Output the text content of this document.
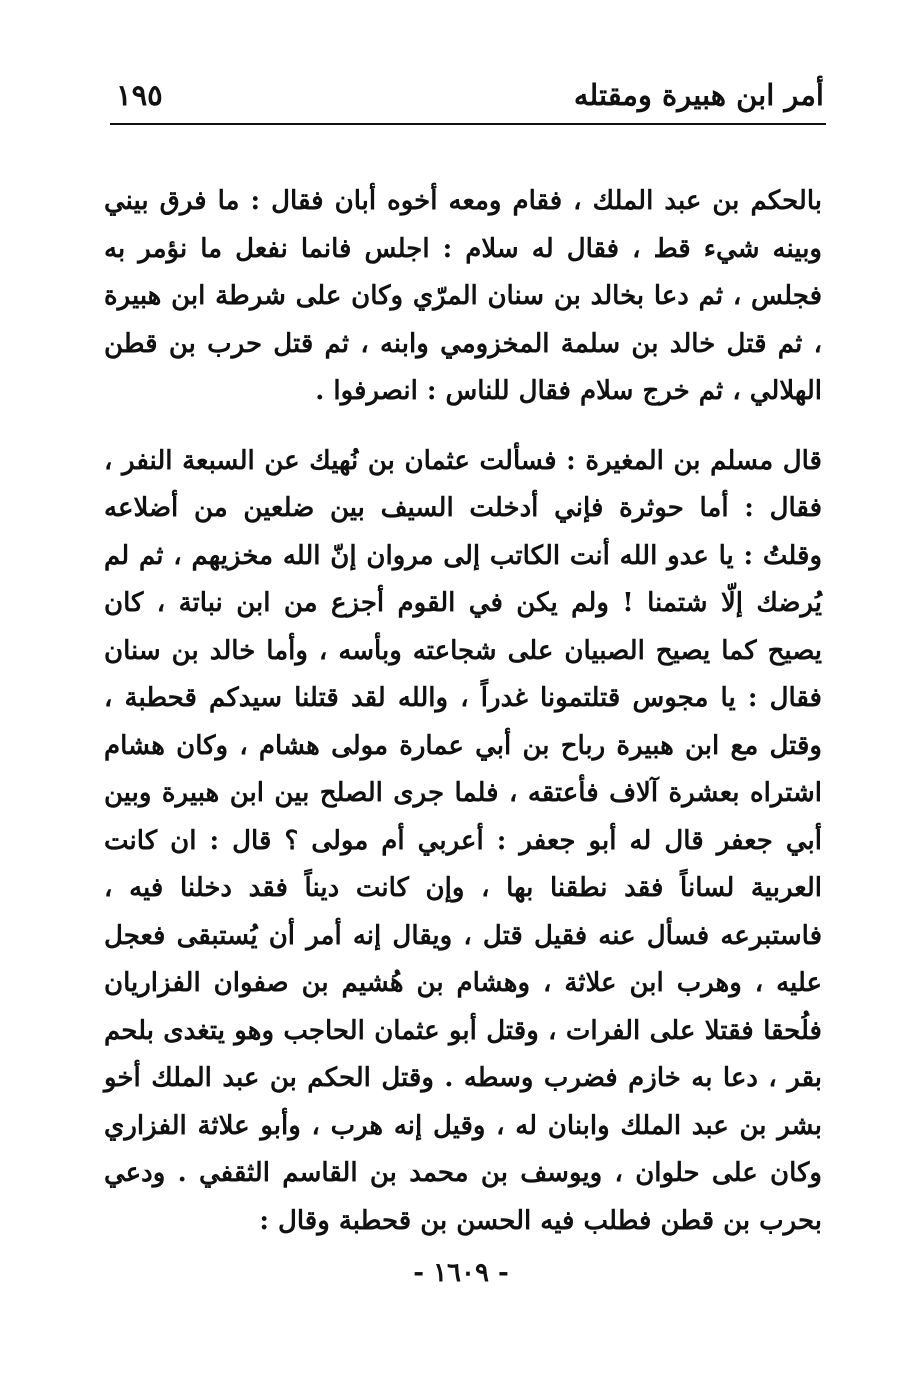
أمر ابن هبيرة ومقتله
١٩٥

بالحكم بن عبد الملك ، فقام ومعه أخوه أبان فقال : ما فرق بيني وبينه شيء قط ، فقال له سلام : اجلس فانما نفعل ما نؤمر به فجلس ، ثم دعا بخالد بن سنان المرّي وكان على شرطة ابن هبيرة ، ثم قتل خالد بن سلمة المخزومي وابنه ، ثم قتل حرب بن قطن الهلالي ، ثم خرج سلام فقال للناس : انصرفوا .

قال مسلم بن المغيرة : فسألت عثمان بن نُهيك عن السبعة النفر ، فقال : أما حوثرة فإني أدخلت السيف بين ضلعين من أضلاعه وقلتُ : يا عدو الله أنت الكاتب إلى مروان إنّ الله مخزيهم ، ثم لم يُرضك إلّا شتمنا ! ولم يكن في القوم أجزع من ابن نباتة ، كان يصيح كما يصيح الصبيان على شجاعته وبأسه ، وأما خالد بن سنان فقال : يا مجوس قتلتمونا غدراً ، والله لقد قتلنا سيدكم قحطبة ، وقتل مع ابن هبيرة رباح بن أبي عمارة مولى هشام ، وكان هشام اشتراه بعشرة آلاف فأعتقه ، فلما جرى الصلح بين ابن هبيرة وبين أبي جعفر قال له أبو جعفر : أعربي أم مولى ؟ قال : ان كانت العربية لساناً فقد نطقنا بها ، وإن كانت ديناً فقد دخلنا فيه ، فاستبرعه فسأل عنه فقيل قتل ، ويقال إنه أمر أن يُستبقى فعجل عليه ، وهرب ابن علاثة ، وهشام بن هُشيم بن صفوان الفزاريان فلُحقا فقتلا على الفرات ، وقتل أبو عثمان الحاجب وهو يتغدى بلحم بقر ، دعا به خازم فضرب وسطه . وقتل الحكم بن عبد الملك أخو بشر بن عبد الملك وابنان له ، وقيل إنه هرب ، وأبو علاثة الفزاري وكان على حلوان ، ويوسف بن محمد بن القاسم الثقفي . ودعي بحرب بن قطن فطلب فيه الحسن بن قحطبة وقال :

- ١٦٠٩ -
